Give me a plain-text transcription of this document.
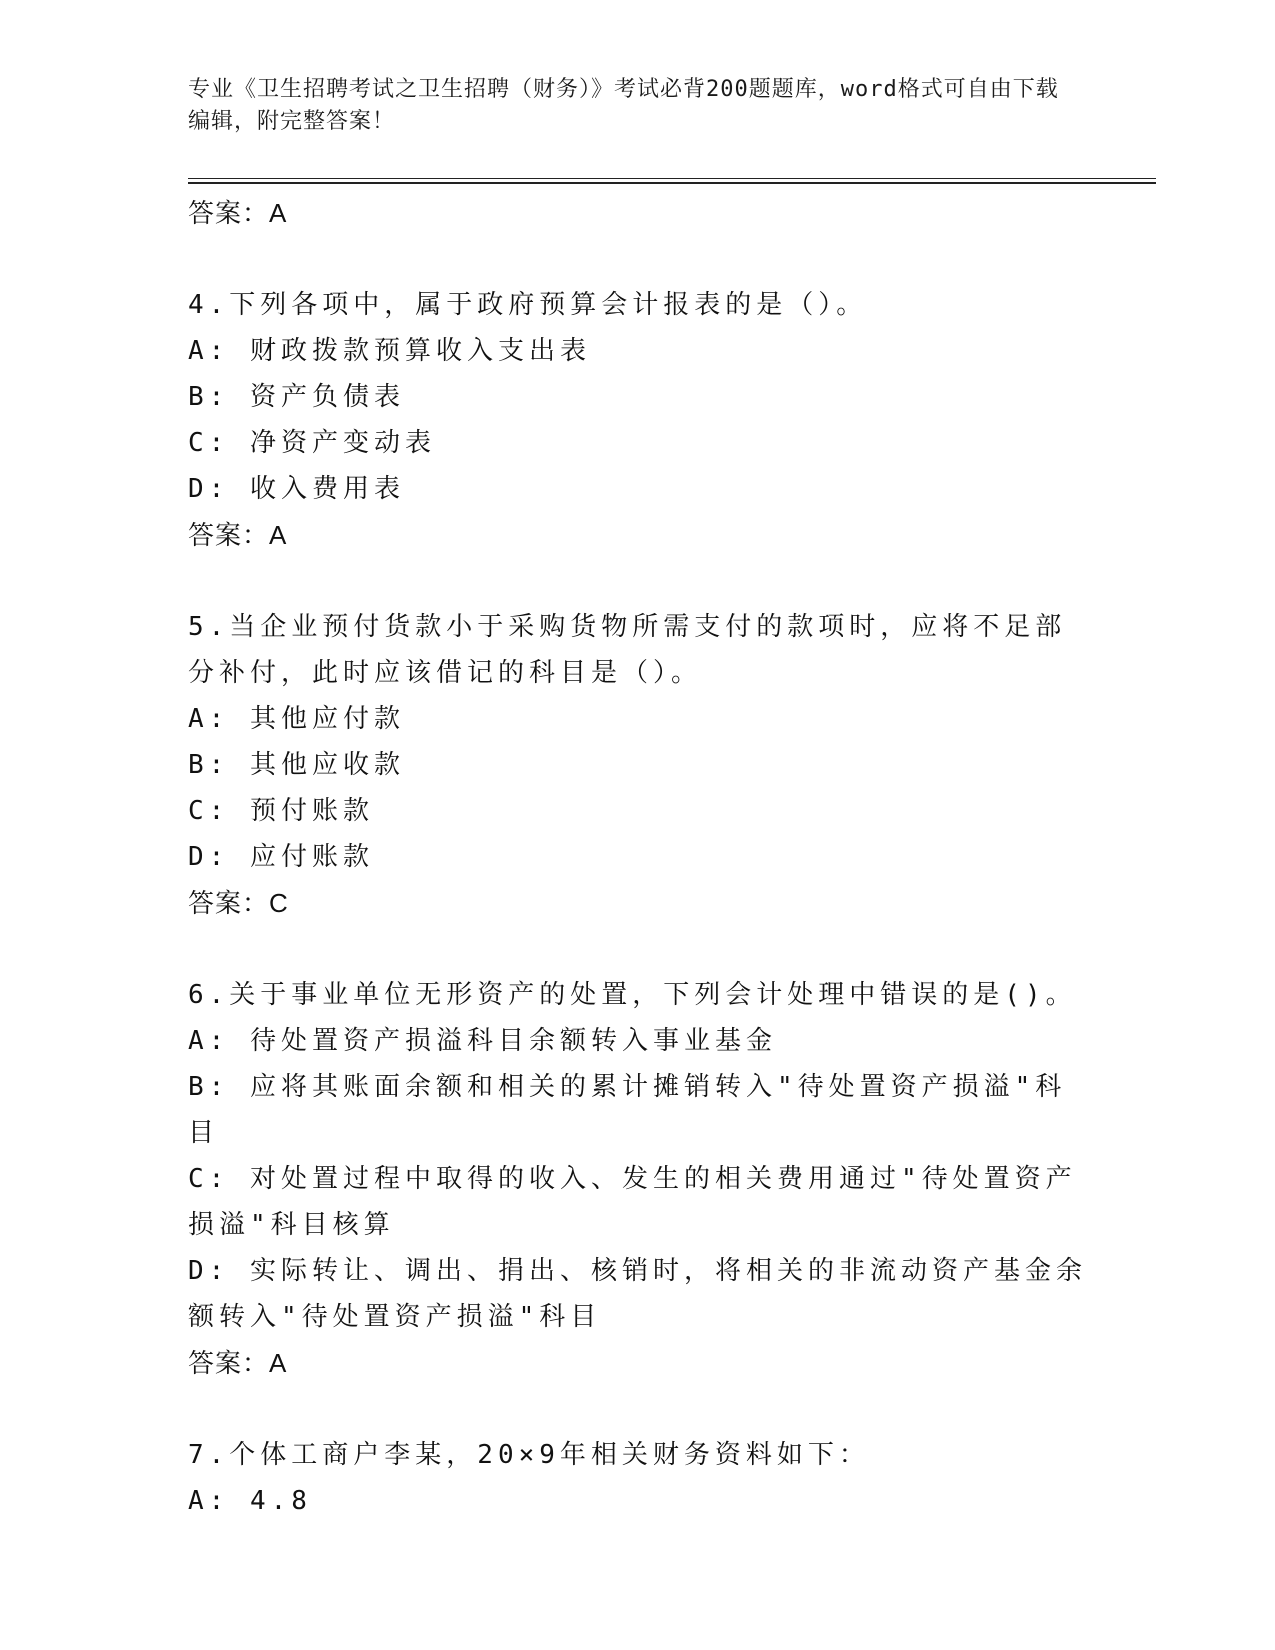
专业《卫生招聘考试之卫生招聘（财务）》考试必背200题题库，word格式可自由下载编辑，附完整答案！
答案：A
4.下列各项中，属于政府预算会计报表的是（）。
A: 财政拨款预算收入支出表
B: 资产负债表
C: 净资产变动表
D: 收入费用表
答案：A
5.当企业预付货款小于采购货物所需支付的款项时，应将不足部分补付，此时应该借记的科目是（）。
A: 其他应付款
B: 其他应收款
C: 预付账款
D: 应付账款
答案：C
6.关于事业单位无形资产的处置，下列会计处理中错误的是()。
A: 待处置资产损溢科目余额转入事业基金
B: 应将其账面余额和相关的累计摊销转入"待处置资产损溢"科目
C: 对处置过程中取得的收入、发生的相关费用通过"待处置资产损溢"科目核算
D: 实际转让、调出、捐出、核销时，将相关的非流动资产基金余额转入"待处置资产损溢"科目
答案：A
7.个体工商户李某，20×9年相关财务资料如下：
A: 4.8
